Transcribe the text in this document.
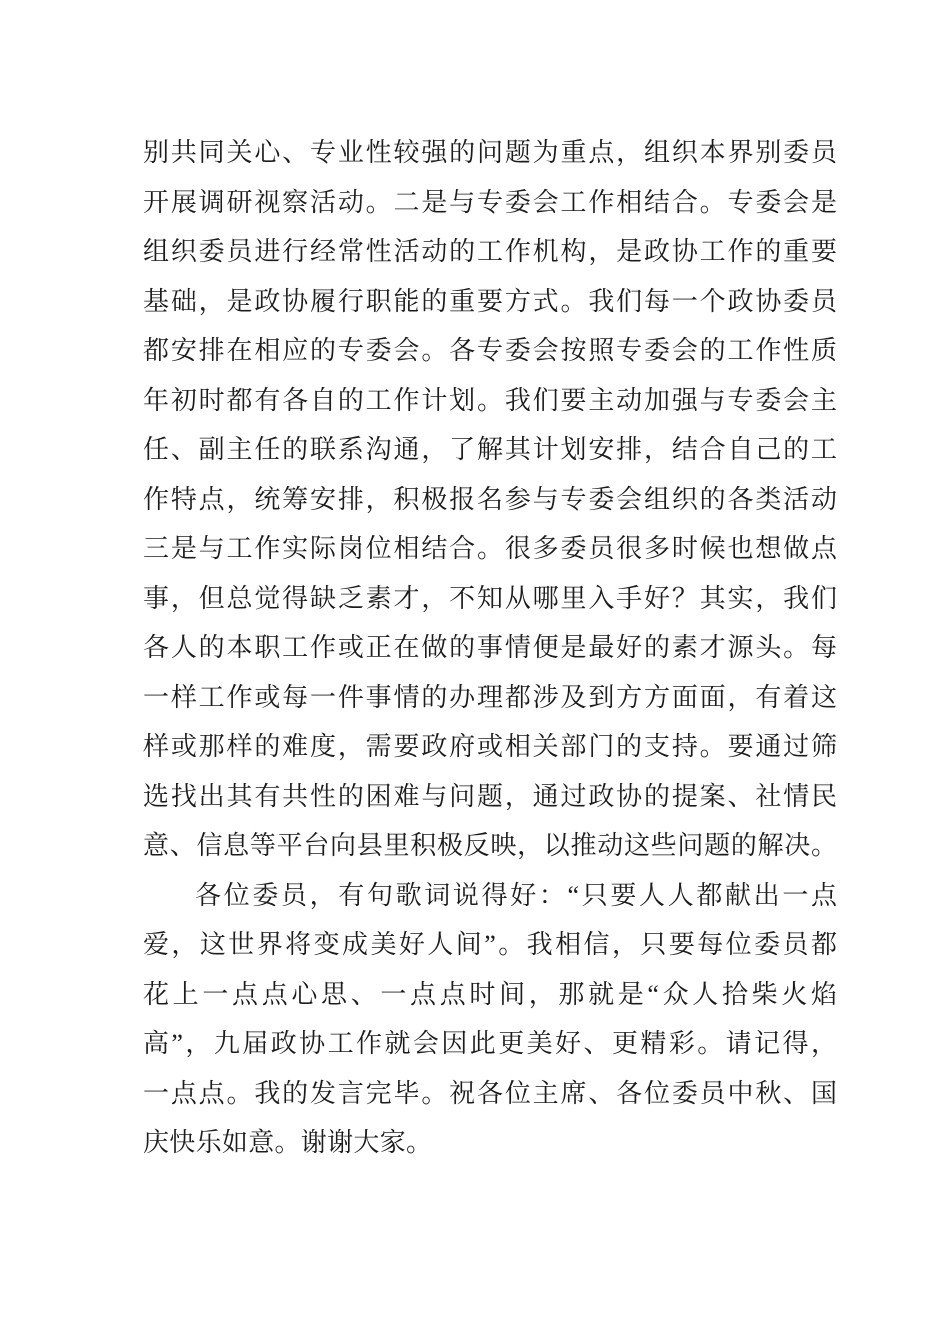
别共同关心、专业性较强的问题为重点，组织本界别委员
开展调研视察活动。二是与专委会工作相结合。专委会是
组织委员进行经常性活动的工作机构，是政协工作的重要
基础，是政协履行职能的重要方式。我们每一个政协委员
都安排在相应的专委会。各专委会按照专委会的工作性质
年初时都有各自的工作计划。我们要主动加强与专委会主
任、副主任的联系沟通，了解其计划安排，结合自己的工
作特点，统筹安排，积极报名参与专委会组织的各类活动
三是与工作实际岗位相结合。很多委员很多时候也想做点
事，但总觉得缺乏素才，不知从哪里入手好？其实，我们
各人的本职工作或正在做的事情便是最好的素才源头。每
一样工作或每一件事情的办理都涉及到方方面面，有着这
样或那样的难度，需要政府或相关部门的支持。要通过筛
选找出其有共性的困难与问题，通过政协的提案、社情民
意、信息等平台向县里积极反映，以推动这些问题的解决。
各位委员，有句歌词说得好：“只要人人都献出一点
爱，这世界将变成美好人间”。我相信，只要每位委员都
花上一点点心思、一点点时间，那就是“众人拾柴火焰
高”，九届政协工作就会因此更美好、更精彩。请记得，
一点点。我的发言完毕。祝各位主席、各位委员中秋、国
庆快乐如意。谢谢大家。
